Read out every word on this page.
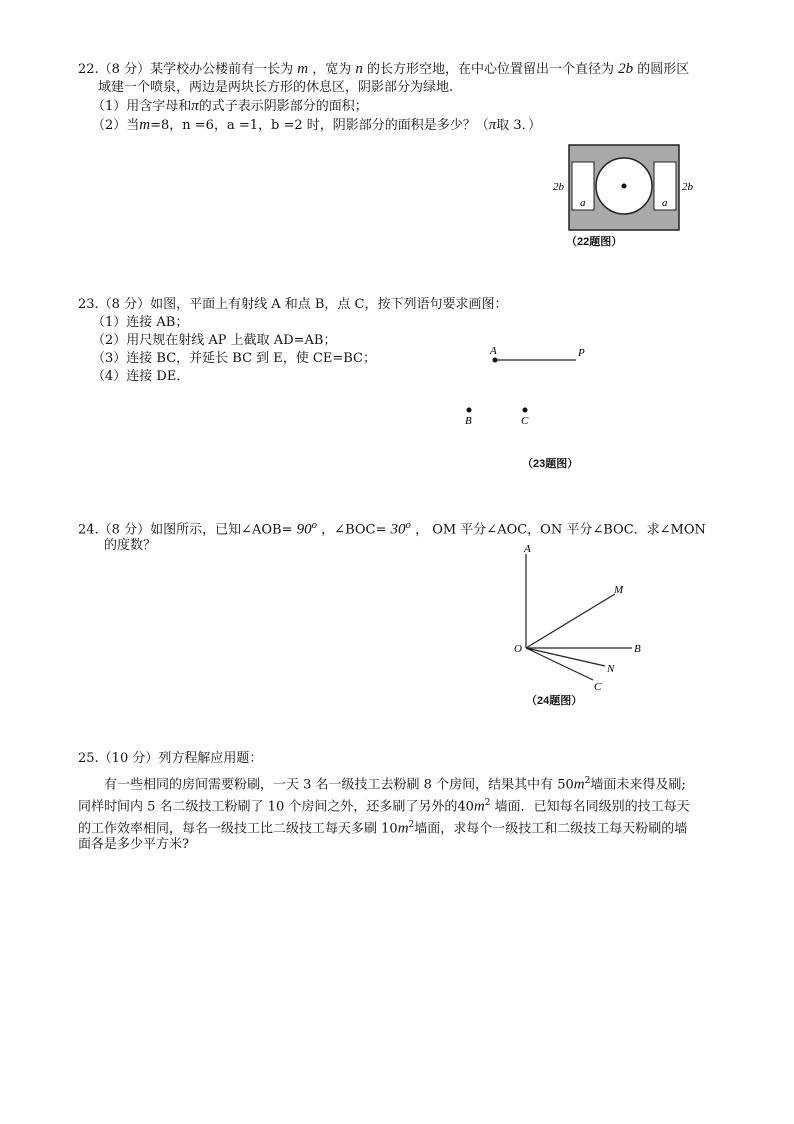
22.（8 分）某学校办公楼前有一长为 m ，宽为 n 的长方形空地，在中心位置留出一个直径为 2b 的圆形区
域建一个喷泉，两边是两块长方形的休息区，阴影部分为绿地.
（1）用含字母和π的式子表示阴影部分的面积；
（2）当m=8，n =6，a =1，b =2 时，阴影部分的面积是多少？（π取 3．）
2b	2b
a	a
（22题图）
23.（8 分）如图，平面上有射线 A 和点 B，点 C，按下列语句要求画图：
（1）连接 AB；
（2）用尺规在射线 AP 上截取 AD=AB；
（3）连接 BC，并延长 BC 到 E，使 CE=BC；
（4）连接 DE．
A	P
B	C
（23题图）
24.（8 分）如图所示，已知∠AOB= $90^o$ ，∠BOC= $30^o$ ， OM 平分∠AOC，ON 平分∠BOC．求∠MON
的度数？	A
M
O	B
N
C
（24题图）
25.（10 分）列方程解应用题：
有一些相同的房间需要粉刷，一天 3 名一级技工去粉刷 8 个房间，结果其中有 $50m^2$墙面未来得及刷;
同样时间内 5 名二级技工粉刷了 10 个房间之外，还多刷了另外的$40m^2$ 墙面．已知每名同级别的技工每天
的工作效率相同，每名一级技工比二级技工每天多刷 $10m^2$墙面，求每个一级技工和二级技工每天粉刷的墙
面各是多少平方米?
